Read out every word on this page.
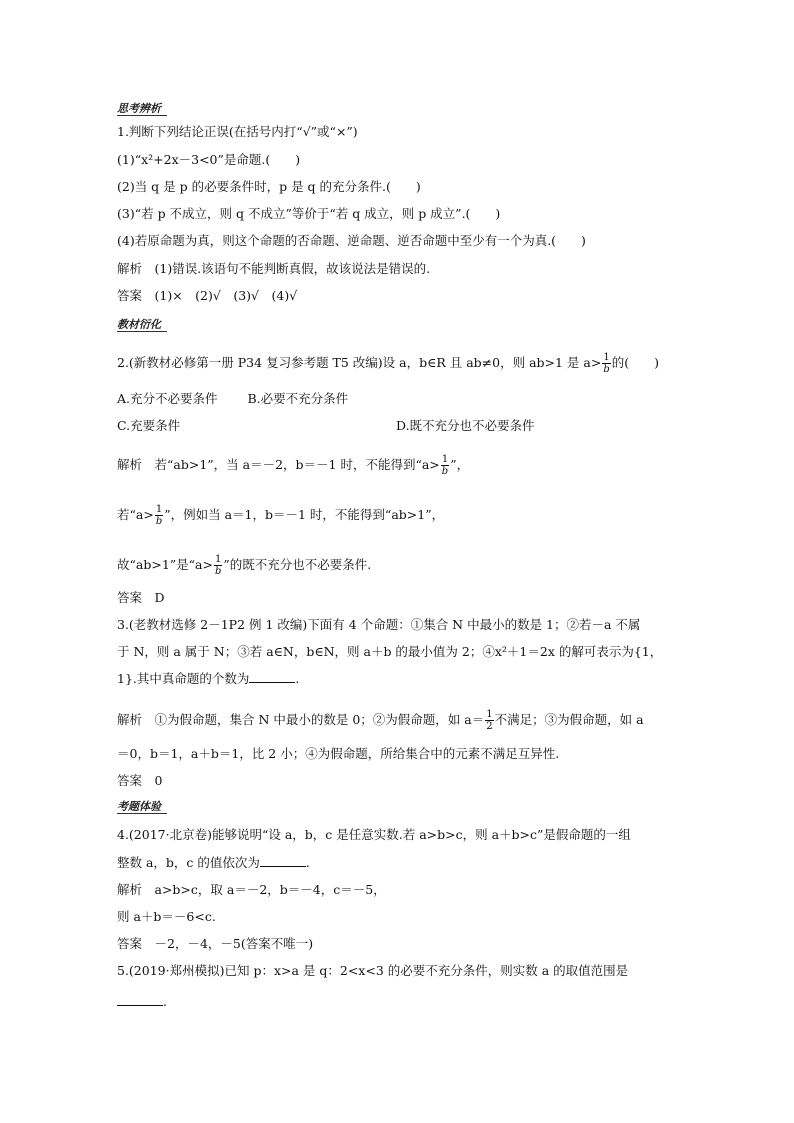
思考辨析
1.判断下列结论正误(在括号内打“√”或“×”)
(1)“x²+2x－3<0”是命题.(　　)
(2)当 q 是 p 的必要条件时，p 是 q 的充分条件.(　　)
(3)“若 p 不成立，则 q 不成立”等价于“若 q 成立，则 p 成立”.(　　)
(4)若原命题为真，则这个命题的否命题、逆命题、逆否命题中至少有一个为真.(　　)
解析　(1)错误.该语句不能判断真假，故该说法是错误的.
答案　(1)×　(2)√　(3)√　(4)√
教材衍化
2.(新教材必修第一册 P34 复习参考题 T5 改编)设 a，b∈R 且 ab≠0，则 ab>1 是 $a> \frac{1}{b}$ 的(　　)
A.充分不必要条件 B.必要不充分条件
C.充要条件	D.既不充分也不必要条件
解析　若“ab>1”，当 a＝－2，b＝－1 时，不能得到“$a> \frac{1}{b}$ ”，
若“$a> \frac{1}{b}$ ”，例如当 a＝1，b＝－1 时，不能得到“ab>1”，
故“ab>1”是“$a> \frac{1}{b}$ ”的既不充分也不必要条件.
答案　D
3.(老教材选修 2－1P2 例 1 改编)下面有 4 个命题：①集合 N 中最小的数是 1；②若－a 不属
于 N，则 a 属于 N；③若 a∈N，b∈N，则 a＋b 的最小值为 2；④x²＋1＝2x 的解可表示为{1，
1}.其中真命题的个数为	.
解析　①为假命题，集合 N 中最小的数是 0；②为假命题，如 $a= \frac{1}{2}$ 不满足；③为假命题，如 a
＝0，b＝1，a＋b＝1，比 2 小；④为假命题，所给集合中的元素不满足互异性.
答案　0
考题体验
4.(2017·北京卷)能够说明“设 a，b，c 是任意实数.若 a>b>c，则 a＋b>c”是假命题的一组
整数 a，b，c 的值依次为	.
解析　a>b>c，取 a＝－2，b＝－4，c＝－5，
则 a＋b＝－6<c.
答案　－2，－4，－5(答案不唯一)
5.(2019·郑州模拟)已知 p：x>a 是 q：2<x<3 的必要不充分条件，则实数 a 的取值范围是
.
